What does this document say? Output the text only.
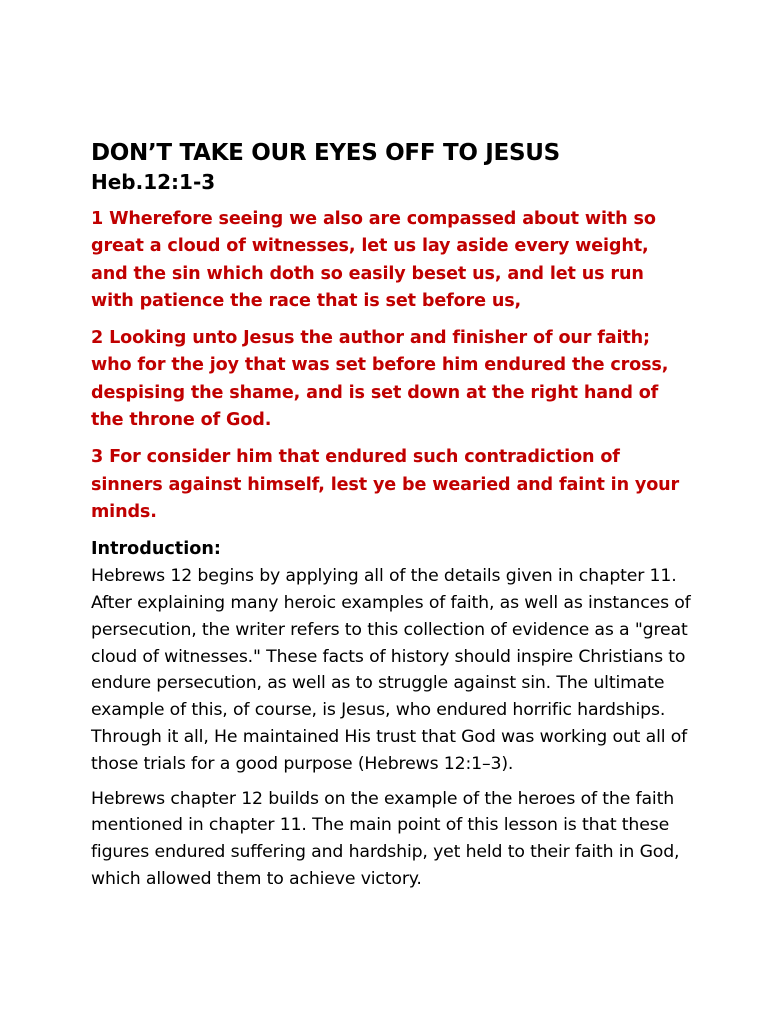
DON’T TAKE OUR EYES OFF TO JESUS
Heb.12:1-3

1 Wherefore seeing we also are compassed about with so great a cloud of witnesses, let us lay aside every weight, and the sin which doth so easily beset us, and let us run with patience the race that is set before us,

2 Looking unto Jesus the author and finisher of our faith; who for the joy that was set before him endured the cross, despising the shame, and is set down at the right hand of the throne of God.

3 For consider him that endured such contradiction of sinners against himself, lest ye be wearied and faint in your minds.

Introduction:

Hebrews 12 begins by applying all of the details given in chapter 11. After explaining many heroic examples of faith, as well as instances of persecution, the writer refers to this collection of evidence as a "great cloud of witnesses." These facts of history should inspire Christians to endure persecution, as well as to struggle against sin. The ultimate example of this, of course, is Jesus, who endured horrific hardships. Through it all, He maintained His trust that God was working out all of those trials for a good purpose (Hebrews 12:1–3).

Hebrews chapter 12 builds on the example of the heroes of the faith mentioned in chapter 11. The main point of this lesson is that these figures endured suffering and hardship, yet held to their faith in God, which allowed them to achieve victory.
